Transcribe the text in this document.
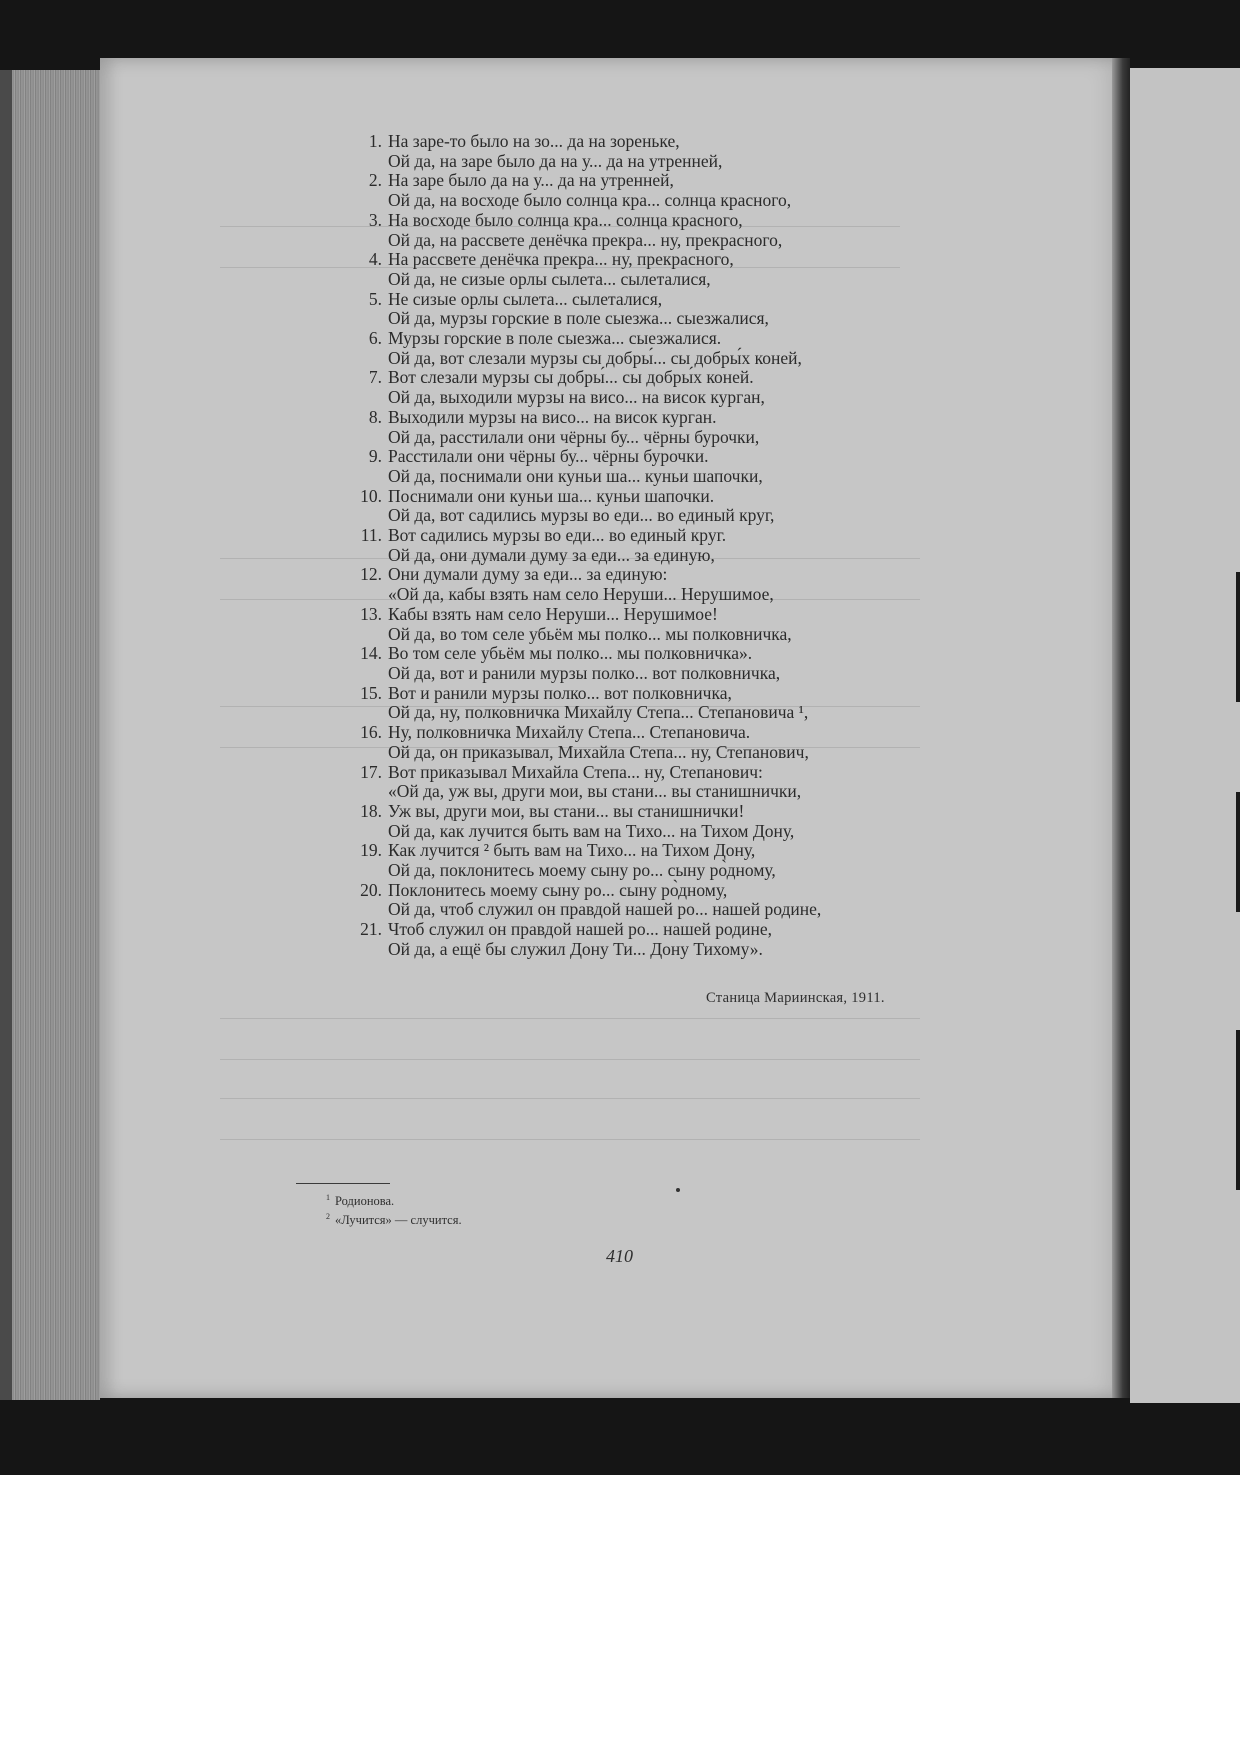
1. На заре-то было на зо... да на зореньке,
Ой да, на заре было да на у... да на утренней,
2. На заре было да на у... да на утренней,
Ой да, на восходе было солнца кра... солнца красного,
3. На восходе было солнца кра... солнца красного,
Ой да, на рассвете денёчка прекра... ну, прекрасного,
4. На рассвете денёчка прекра... ну, прекрасного,
Ой да, не сизые орлы сылета... сылеталися,
5. Не сизые орлы сылета... сылеталися,
Ой да, мурзы горские в поле сыезжа... сыезжалися,
6. Мурзы горские в поле сыезжа... сыезжалися.
Ой да, вот слезали мурзы сы добры́... сы добры́х коней,
7. Вот слезали мурзы сы добры́... сы добры́х коней.
Ой да, выходили мурзы на висо... на висок курган,
8. Выходили мурзы на висо... на висок курган.
Ой да, расстилали они чёрны бу... чёрны бурочки,
9. Расстилали они чёрны бу... чёрны бурочки.
Ой да, поснимали они куньи ша... куньи шапочки,
10. Поснимали они куньи ша... куньи шапочки.
Ой да, вот садились мурзы во еди... во единый круг,
11. Вот садились мурзы во еди... во единый круг.
Ой да, они думали думу за еди... за единую,
12. Они думали думу за еди... за единую:
«Ой да, кабы взять нам село Неруши... Нерушимое,
13. Кабы взять нам село Неруши... Нерушимое!
Ой да, во том селе убьём мы полко... мы полковничка,
14. Во том селе убьём мы полко... мы полковничка».
Ой да, вот и ранили мурзы полко... вот полковничка,
15. Вот и ранили мурзы полко... вот полковничка,
Ой да, ну, полковничка Михайлу Степа... Степановича ¹,
16. Ну, полковничка Михайлу Степа... Степановича.
Ой да, он приказывал, Михайла Степа... ну, Степанович,
17. Вот приказывал Михайла Степа... ну, Степанович:
«Ой да, уж вы, други мои, вы стани... вы станишнички,
18. Уж вы, други мои, вы стани... вы станишнички!
Ой да, как лучится быть вам на Тихо... на Тихом Дону,
19. Как лучится ² быть вам на Тихо... на Тихом Дону,
Ой да, поклонитесь моему сыну ро... сыну ро̀дному,
20. Поклонитесь моему сыну ро... сыну ро̀дному,
Ой да, чтоб служил он правдой нашей ро... нашей родине,
21. Чтоб служил он правдой нашей ро... нашей родине,
Ой да, а ещё бы служил Дону Ти... Дону Тихому».
Станица Мариинская, 1911.
$^1$ Родионова.
$^2$ «Лучится» — случится.
410
